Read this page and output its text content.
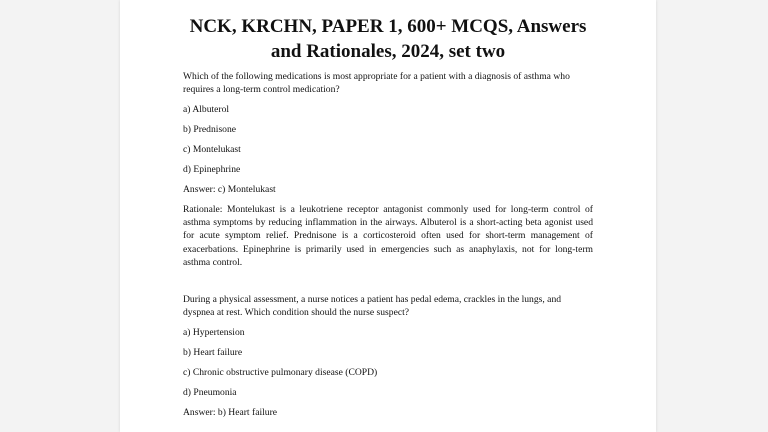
NCK, KRCHN, PAPER 1, 600+ MCQS, Answers
and Rationales, 2024, set two

Which of the following medications is most appropriate for a patient with a diagnosis of asthma who requires a long-term control medication?

a) Albuterol

b) Prednisone

c) Montelukast

d) Epinephrine

Answer: c) Montelukast

Rationale: Montelukast is a leukotriene receptor antagonist commonly used for long-term control of asthma symptoms by reducing inflammation in the airways. Albuterol is a short-acting beta agonist used for acute symptom relief. Prednisone is a corticosteroid often used for short-term management of exacerbations. Epinephrine is primarily used in emergencies such as anaphylaxis, not for long-term asthma control.

During a physical assessment, a nurse notices a patient has pedal edema, crackles in the lungs, and dyspnea at rest. Which condition should the nurse suspect?

a) Hypertension

b) Heart failure

c) Chronic obstructive pulmonary disease (COPD)

d) Pneumonia

Answer: b) Heart failure
